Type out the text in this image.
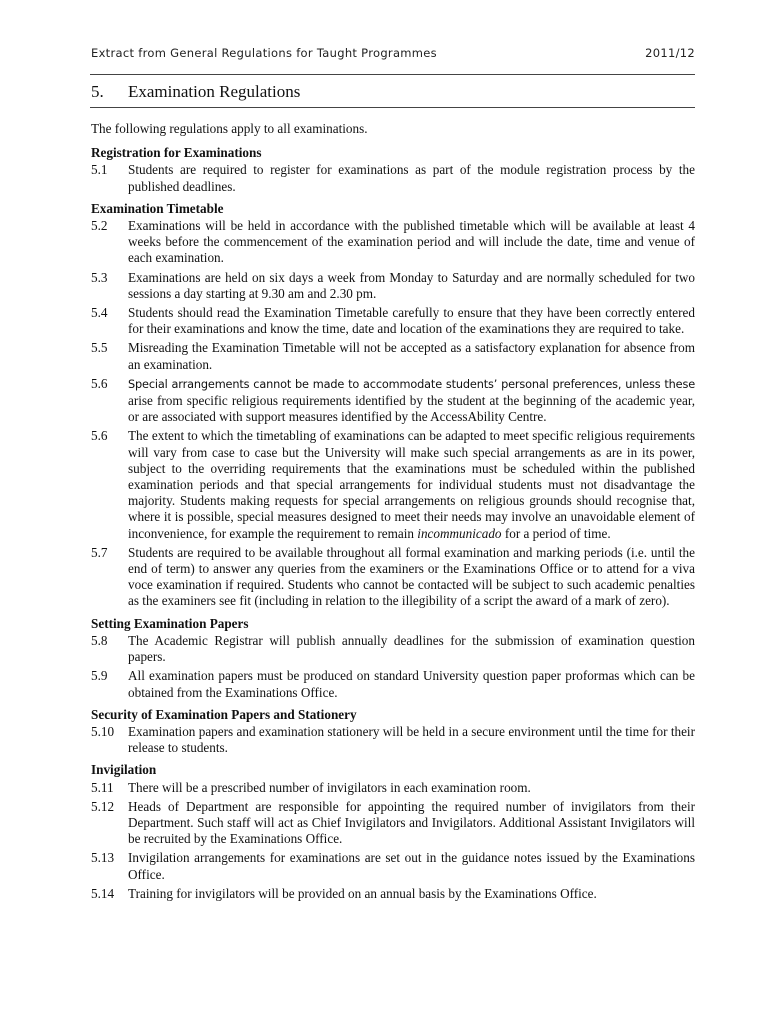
Extract from General Regulations for Taught Programmes	2011/12
5. Examination Regulations

The following regulations apply to all examinations.

Registration for Examinations
5.1	Students are required to register for examinations as part of the module registration process by the published deadlines.
Examination Timetable
5.2	Examinations will be held in accordance with the published timetable which will be available at least 4 weeks before the commencement of the examination period and will include the date, time and venue of each examination.
5.3	Examinations are held on six days a week from Monday to Saturday and are normally scheduled for two sessions a day starting at 9.30 am and 2.30 pm.
5.4	Students should read the Examination Timetable carefully to ensure that they have been correctly entered for their examinations and know the time, date and location of the examinations they are required to take.
5.5	Misreading the Examination Timetable will not be accepted as a satisfactory explanation for absence from an examination.
5.6	Special arrangements cannot be made to accommodate students’ personal preferences, unless these arise from specific religious requirements identified by the student at the beginning of the academic year, or are associated with support measures identified by the AccessAbility Centre.
5.6	The extent to which the timetabling of examinations can be adapted to meet specific religious requirements will vary from case to case but the University will make such special arrangements as are in its power, subject to the overriding requirements that the examinations must be scheduled within the published examination periods and that special arrangements for individual students must not disadvantage the majority. Students making requests for special arrangements on religious grounds should recognise that, where it is possible, special measures designed to meet their needs may involve an unavoidable element of inconvenience, for example the requirement to remain incommunicado for a period of time.
5.7	Students are required to be available throughout all formal examination and marking periods (i.e. until the end of term) to answer any queries from the examiners or the Examinations Office or to attend for a viva voce examination if required. Students who cannot be contacted will be subject to such academic penalties as the examiners see fit (including in relation to the illegibility of a script the award of a mark of zero).
Setting Examination Papers
5.8	The Academic Registrar will publish annually deadlines for the submission of examination question papers.
5.9	All examination papers must be produced on standard University question paper proformas which can be obtained from the Examinations Office.
Security of Examination Papers and Stationery
5.10	Examination papers and examination stationery will be held in a secure environment until the time for their release to students.
Invigilation
5.11	There will be a prescribed number of invigilators in each examination room.
5.12	Heads of Department are responsible for appointing the required number of invigilators from their Department. Such staff will act as Chief Invigilators and Invigilators. Additional Assistant Invigilators will be recruited by the Examinations Office.
5.13	Invigilation arrangements for examinations are set out in the guidance notes issued by the Examinations Office.
5.14	Training for invigilators will be provided on an annual basis by the Examinations Office.
